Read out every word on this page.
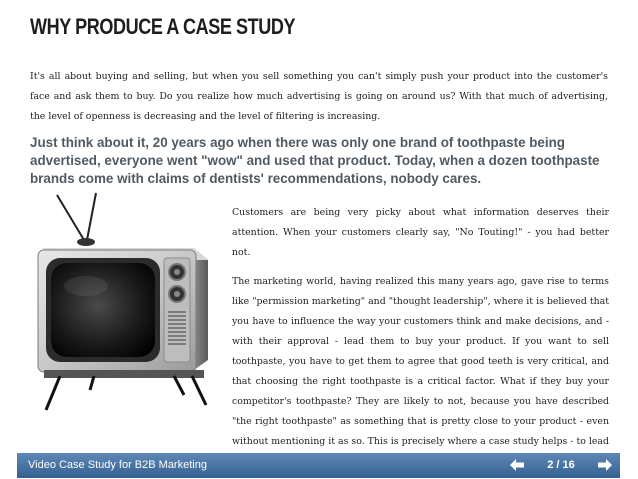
WHY PRODUCE A CASE STUDY

It's all about buying and selling, but when you sell something you can't simply push your product into the customer's face and ask them to buy. Do you realize how much advertising is going on around us? With that much of advertising, the level of openness is decreasing and the level of filtering is increasing.

Just think about it, 20 years ago when there was only one brand of toothpaste being advertised, everyone went "wow" and used that product. Today, when a dozen toothpaste brands come with claims of dentists' recommendations, nobody cares.

Customers are being very picky about what information deserves their attention. When your customers clearly say, "No Touting!" - you had better not.

The marketing world, having realized this many years ago, gave rise to terms like "permission marketing" and "thought leadership", where it is believed that you have to influence the way your customers think and make decisions, and - with their approval - lead them to buy your product. If you want to sell toothpaste, you have to get them to agree that good teeth is very critical, and that choosing the right toothpaste is a critical factor. What if they buy your competitor's toothpaste? They are likely to not, because you have described "the right toothpaste" as something that is pretty close to your product - even without mentioning it as so. This is precisely where a case study helps - to lead

Video Case Study for B2B Marketing	2 / 16
